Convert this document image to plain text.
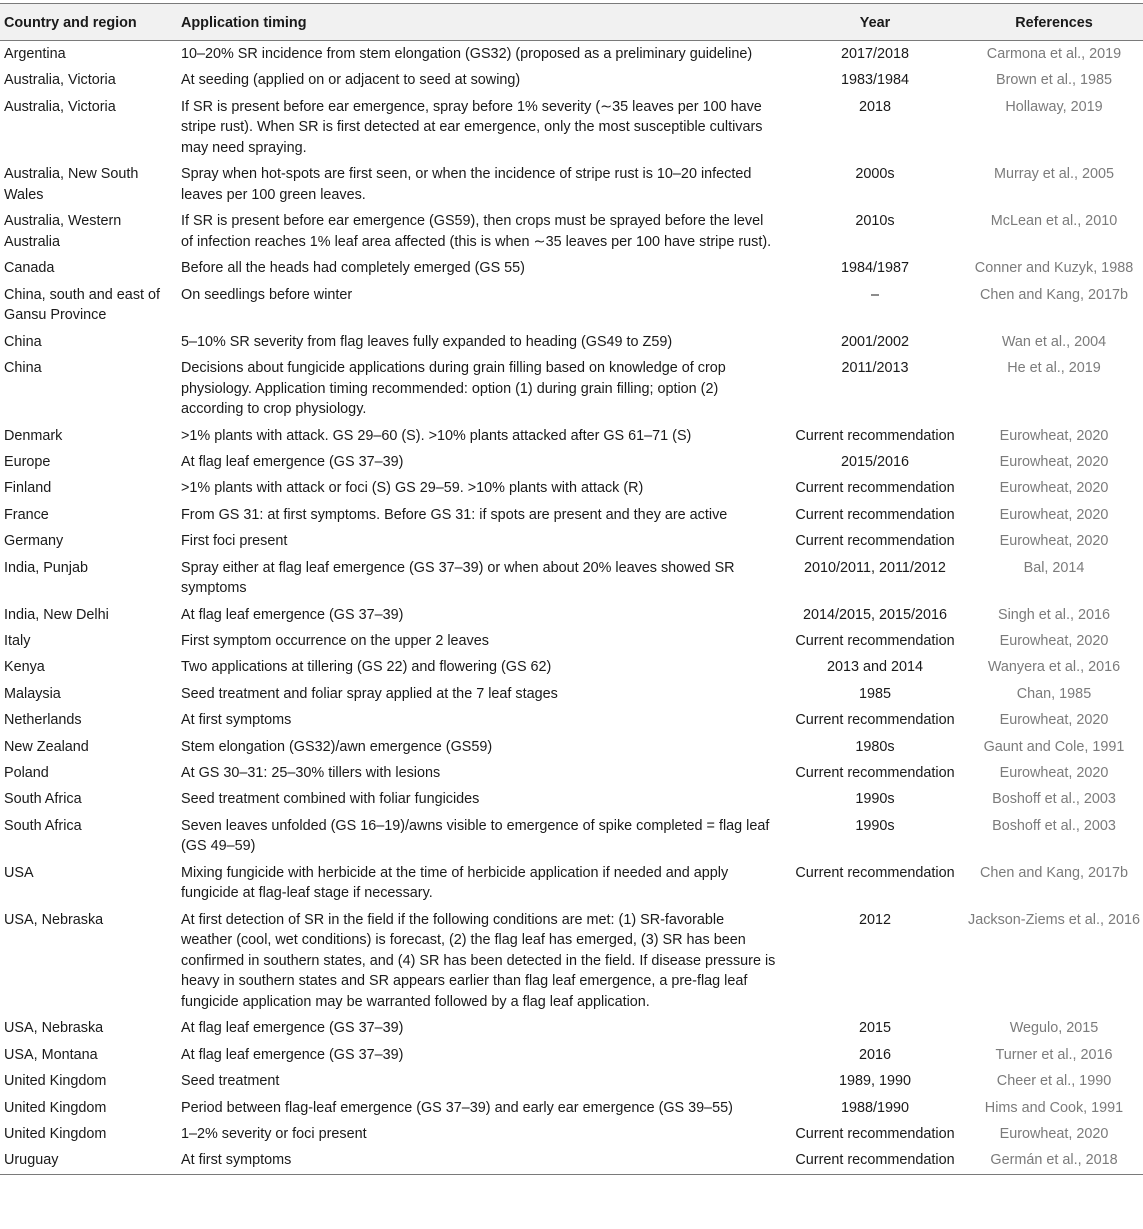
Country and region	Application timing	Year	References
Argentina	10–20% SR incidence from stem elongation (GS32) (proposed as a preliminary guideline)	2017/2018	Carmona et al., 2019
Australia, Victoria	At seeding (applied on or adjacent to seed at sowing)	1983/1984	Brown et al., 1985
Australia, Victoria	If SR is present before ear emergence, spray before 1% severity (∼35 leaves per 100 have stripe rust). When SR is first detected at ear emergence, only the most susceptible cultivars may need spraying.	2018	Hollaway, 2019
Australia, New South Wales	Spray when hot-spots are first seen, or when the incidence of stripe rust is 10–20 infected leaves per 100 green leaves.	2000s	Murray et al., 2005
Australia, Western Australia	If SR is present before ear emergence (GS59), then crops must be sprayed before the level of infection reaches 1% leaf area affected (this is when ∼35 leaves per 100 have stripe rust).	2010s	McLean et al., 2010
Canada	Before all the heads had completely emerged (GS 55)	1984/1987	Conner and Kuzyk, 1988
China, south and east of Gansu Province	On seedlings before winter	–	Chen and Kang, 2017b
China	5–10% SR severity from flag leaves fully expanded to heading (GS49 to Z59)	2001/2002	Wan et al., 2004
China	Decisions about fungicide applications during grain filling based on knowledge of crop physiology. Application timing recommended: option (1) during grain filling; option (2) according to crop physiology.	2011/2013	He et al., 2019
Denmark	>1% plants with attack. GS 29–60 (S). >10% plants attacked after GS 61–71 (S)	Current recommendation	Eurowheat, 2020
Europe	At flag leaf emergence (GS 37–39)	2015/2016	Eurowheat, 2020
Finland	>1% plants with attack or foci (S) GS 29–59. >10% plants with attack (R)	Current recommendation	Eurowheat, 2020
France	From GS 31: at first symptoms. Before GS 31: if spots are present and they are active	Current recommendation	Eurowheat, 2020
Germany	First foci present	Current recommendation	Eurowheat, 2020
India, Punjab	Spray either at flag leaf emergence (GS 37–39) or when about 20% leaves showed SR symptoms	2010/2011, 2011/2012	Bal, 2014
India, New Delhi	At flag leaf emergence (GS 37–39)	2014/2015, 2015/2016	Singh et al., 2016
Italy	First symptom occurrence on the upper 2 leaves	Current recommendation	Eurowheat, 2020
Kenya	Two applications at tillering (GS 22) and flowering (GS 62)	2013 and 2014	Wanyera et al., 2016
Malaysia	Seed treatment and foliar spray applied at the 7 leaf stages	1985	Chan, 1985
Netherlands	At first symptoms	Current recommendation	Eurowheat, 2020
New Zealand	Stem elongation (GS32)/awn emergence (GS59)	1980s	Gaunt and Cole, 1991
Poland	At GS 30–31: 25–30% tillers with lesions	Current recommendation	Eurowheat, 2020
South Africa	Seed treatment combined with foliar fungicides	1990s	Boshoff et al., 2003
South Africa	Seven leaves unfolded (GS 16–19)/awns visible to emergence of spike completed = flag leaf (GS 49–59)	1990s	Boshoff et al., 2003
USA	Mixing fungicide with herbicide at the time of herbicide application if needed and apply fungicide at flag-leaf stage if necessary.	Current recommendation	Chen and Kang, 2017b
USA, Nebraska	At first detection of SR in the field if the following conditions are met: (1) SR-favorable weather (cool, wet conditions) is forecast, (2) the flag leaf has emerged, (3) SR has been confirmed in southern states, and (4) SR has been detected in the field. If disease pressure is heavy in southern states and SR appears earlier than flag leaf emergence, a pre-flag leaf fungicide application may be warranted followed by a flag leaf application.	2012	Jackson-Ziems et al., 2016
USA, Nebraska	At flag leaf emergence (GS 37–39)	2015	Wegulo, 2015
USA, Montana	At flag leaf emergence (GS 37–39)	2016	Turner et al., 2016
United Kingdom	Seed treatment	1989, 1990	Cheer et al., 1990
United Kingdom	Period between flag-leaf emergence (GS 37–39) and early ear emergence (GS 39–55)	1988/1990	Hims and Cook, 1991
United Kingdom	1–2% severity or foci present	Current recommendation	Eurowheat, 2020
Uruguay	At first symptoms	Current recommendation	Germán et al., 2018
